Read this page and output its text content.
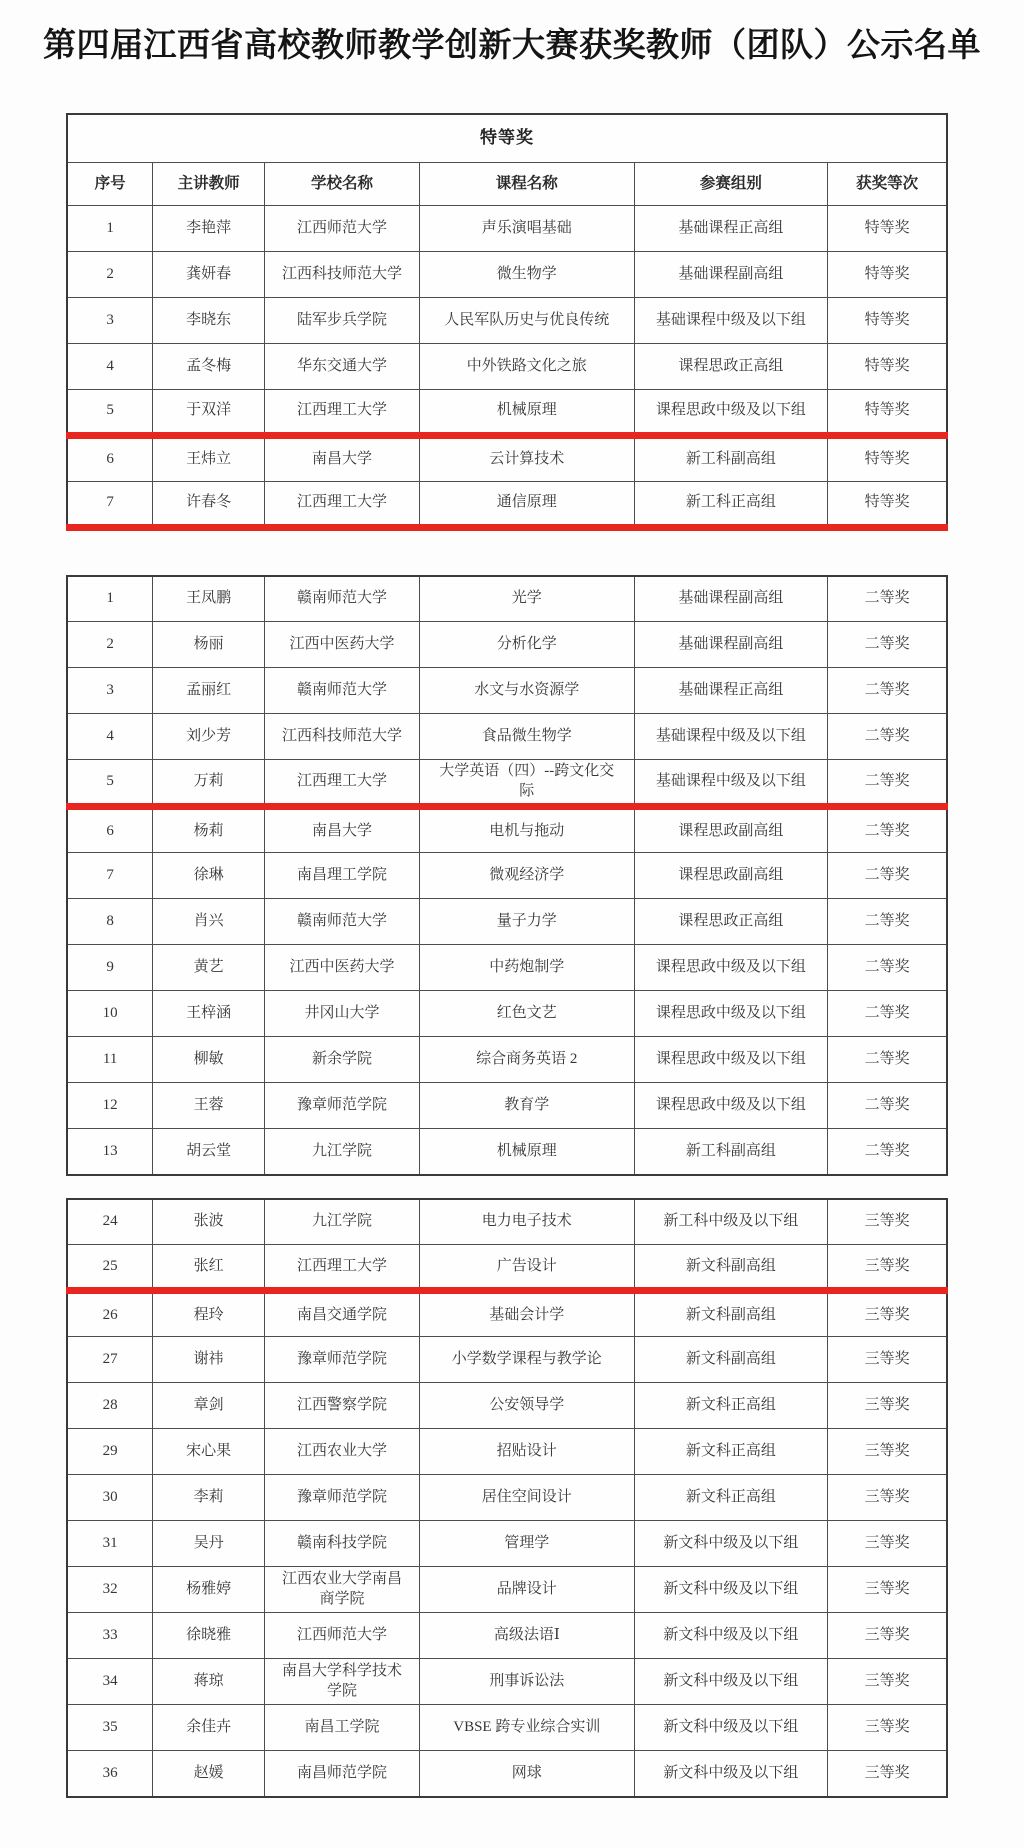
第四届江西省高校教师教学创新大赛获奖教师（团队）公示名单
特等奖					
序号	主讲教师	学校名称	课程名称	参赛组别	获奖等次
1	李艳萍	江西师范大学	声乐演唱基础	基础课程正高组	特等奖
2	龚妍春	江西科技师范大学	微生物学	基础课程副高组	特等奖
3	李晓东	陆军步兵学院	人民军队历史与优良传统	基础课程中级及以下组	特等奖
4	孟冬梅	华东交通大学	中外铁路文化之旅	课程思政正高组	特等奖
5	于双洋	江西理工大学	机械原理	课程思政中级及以下组	特等奖
6	王炜立	南昌大学	云计算技术	新工科副高组	特等奖
7	许春冬	江西理工大学	通信原理	新工科正高组	特等奖
1	王凤鹏	赣南师范大学	光学	基础课程副高组	二等奖
2	杨丽	江西中医药大学	分析化学	基础课程副高组	二等奖
3	孟丽红	赣南师范大学	水文与水资源学	基础课程正高组	二等奖
4	刘少芳	江西科技师范大学	食品微生物学	基础课程中级及以下组	二等奖
5	万莉	江西理工大学	大学英语（四）--跨文化交际	基础课程中级及以下组	二等奖
6	杨莉	南昌大学	电机与拖动	课程思政副高组	二等奖
7	徐琳	南昌理工学院	微观经济学	课程思政副高组	二等奖
8	肖兴	赣南师范大学	量子力学	课程思政正高组	二等奖
9	黄艺	江西中医药大学	中药炮制学	课程思政中级及以下组	二等奖
10	王梓涵	井冈山大学	红色文艺	课程思政中级及以下组	二等奖
11	柳敏	新余学院	综合商务英语 2	课程思政中级及以下组	二等奖
12	王蓉	豫章师范学院	教育学	课程思政中级及以下组	二等奖
13	胡云堂	九江学院	机械原理	新工科副高组	二等奖
24	张波	九江学院	电力电子技术	新工科中级及以下组	三等奖
25	张红	江西理工大学	广告设计	新文科副高组	三等奖
26	程玲	南昌交通学院	基础会计学	新文科副高组	三等奖
27	谢祎	豫章师范学院	小学数学课程与教学论	新文科副高组	三等奖
28	章剑	江西警察学院	公安领导学	新文科正高组	三等奖
29	宋心果	江西农业大学	招贴设计	新文科正高组	三等奖
30	李莉	豫章师范学院	居住空间设计	新文科正高组	三等奖
31	吴丹	赣南科技学院	管理学	新文科中级及以下组	三等奖
32	杨雅婷	江西农业大学南昌商学院	品牌设计	新文科中级及以下组	三等奖
33	徐晓雅	江西师范大学	高级法语Ⅰ	新文科中级及以下组	三等奖
34	蒋琼	南昌大学科学技术学院	刑事诉讼法	新文科中级及以下组	三等奖
35	余佳卉	南昌工学院	VBSE 跨专业综合实训	新文科中级及以下组	三等奖
36	赵媛	南昌师范学院	网球	新文科中级及以下组	三等奖
